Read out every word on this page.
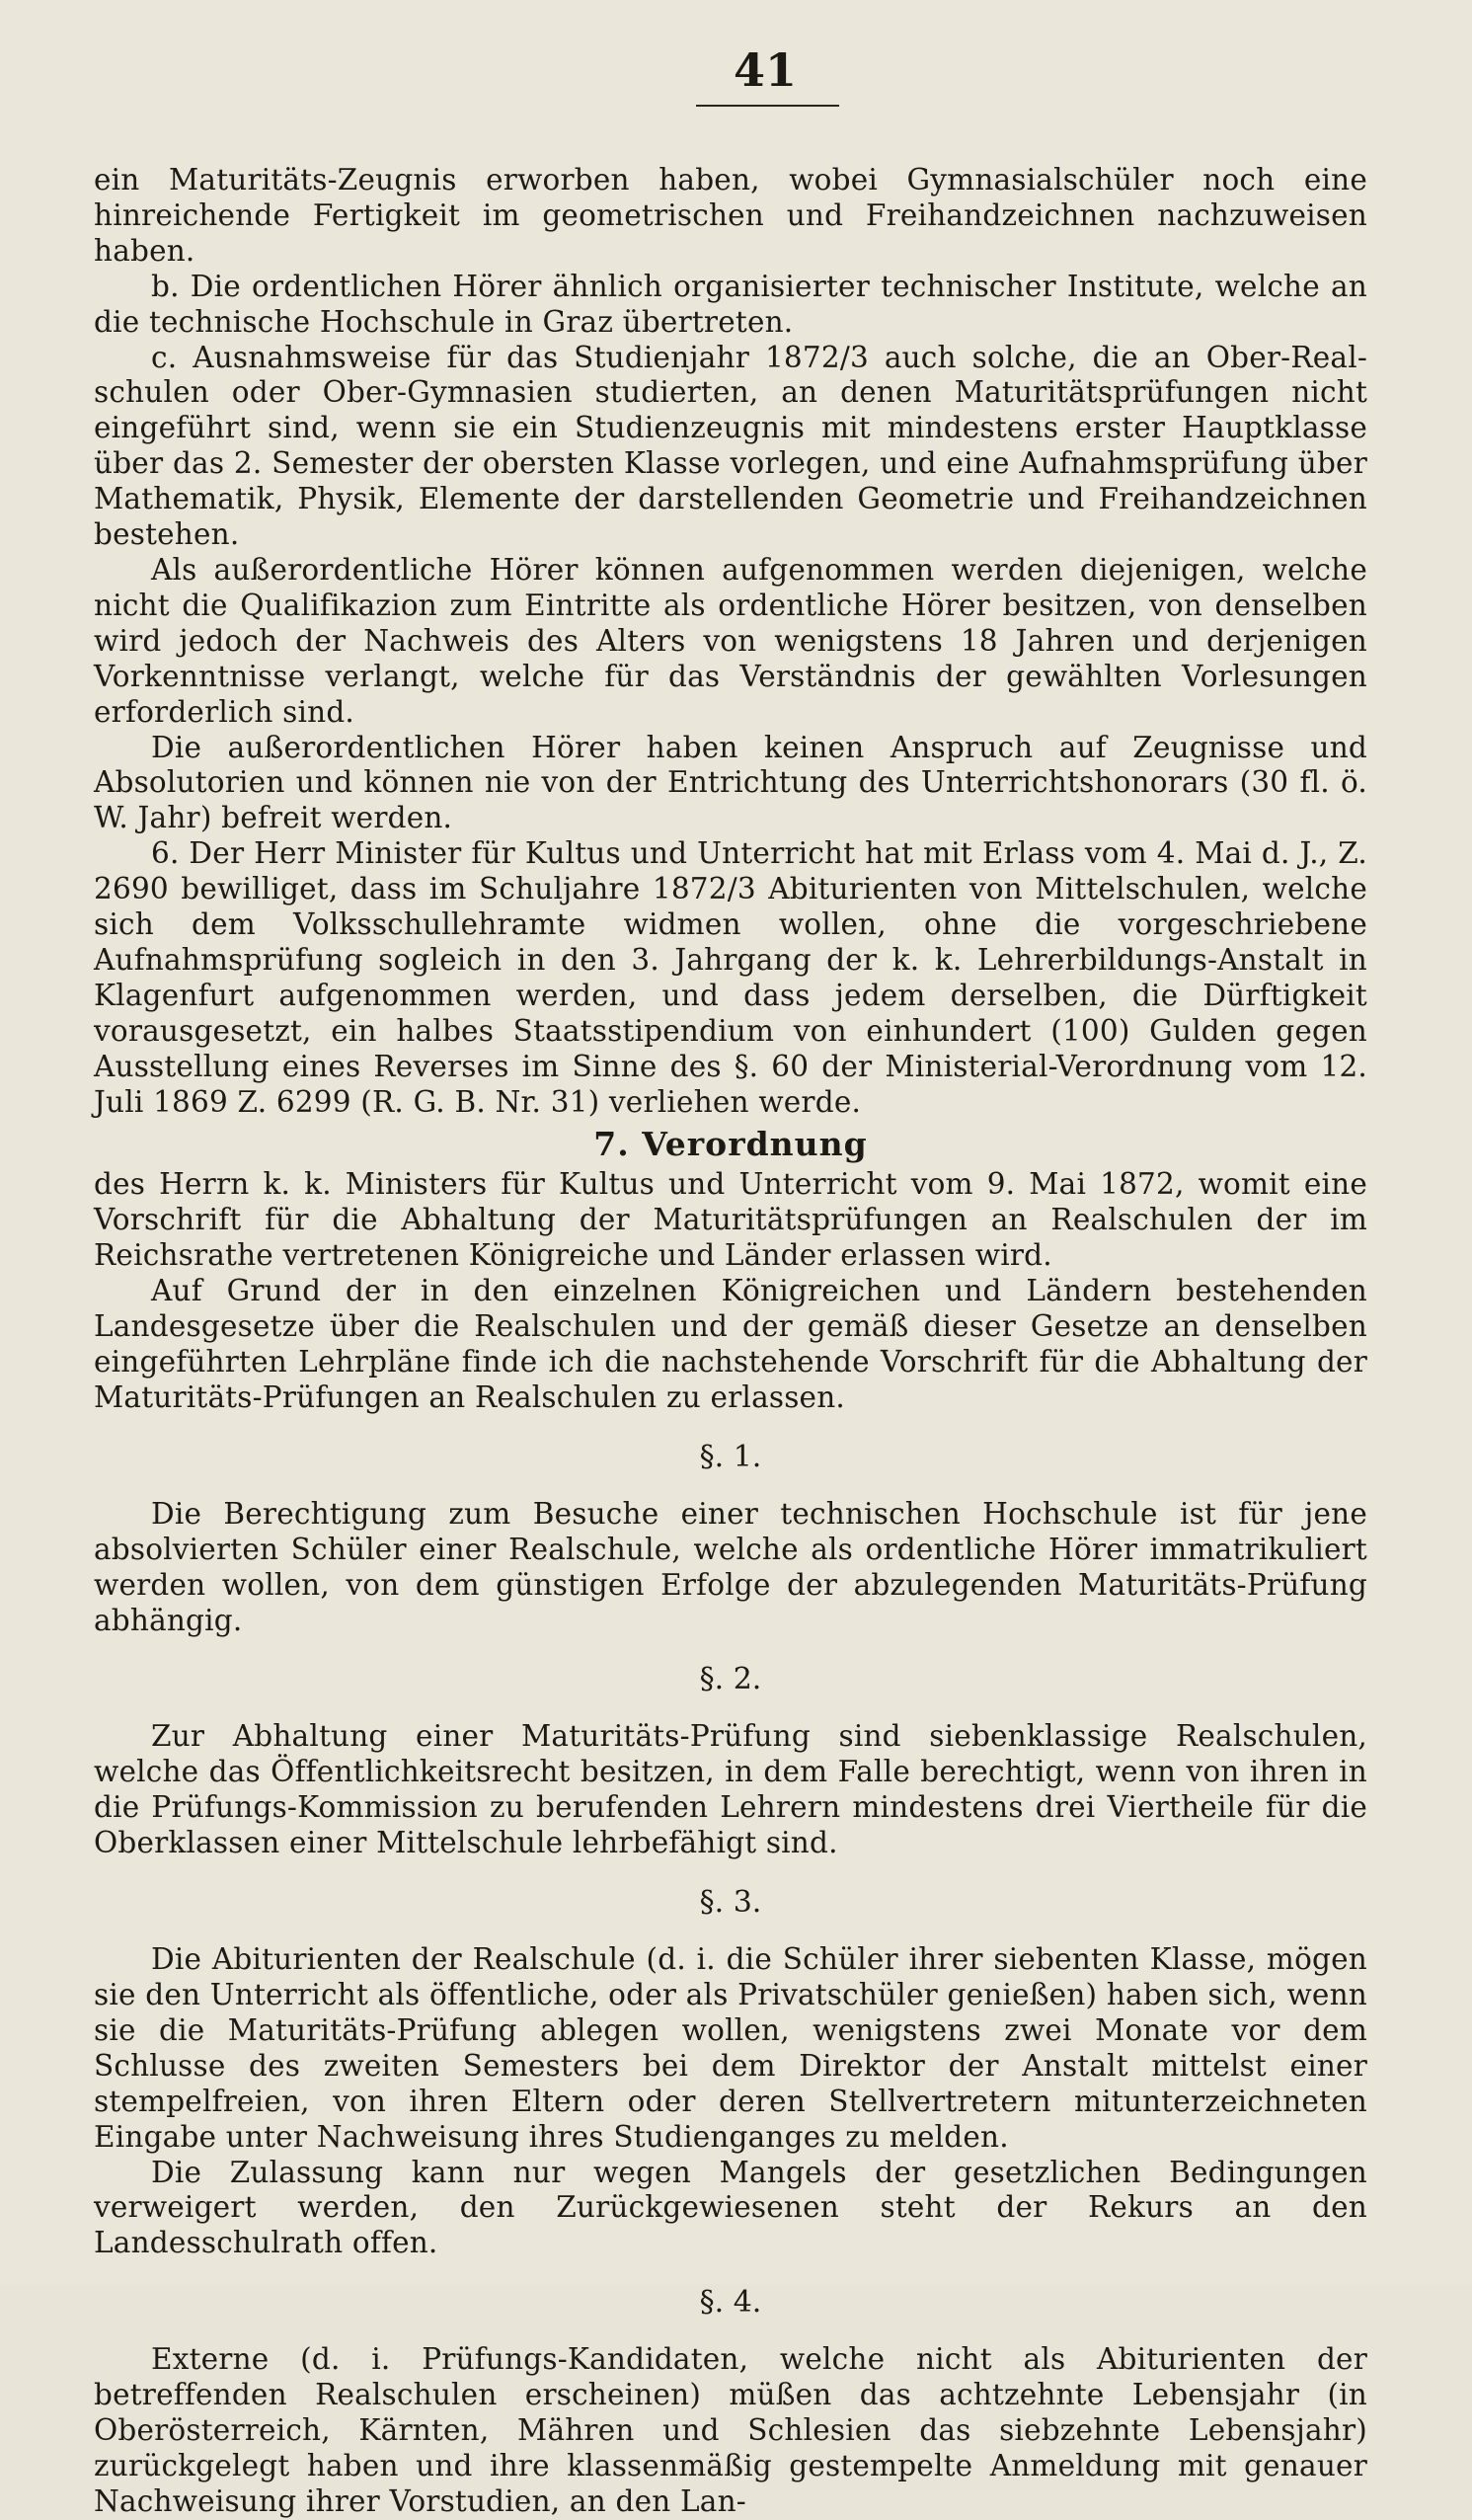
41

ein Maturitäts-Zeugnis erworben haben, wobei Gymnasialschüler noch eine hinreichende Fertigkeit im geometrischen und Freihandzeichnen nachzuweisen haben.

b. Die ordentlichen Hörer ähnlich organisierter technischer Institute, welche an die technische Hochschule in Graz übertreten.

c. Ausnahmsweise für das Studienjahr 1872/3 auch solche, die an Ober-Real-schulen oder Ober-Gymnasien studierten, an denen Maturitätsprüfungen nicht eingeführt sind, wenn sie ein Studienzeugnis mit mindestens erster Hauptklasse über das 2. Semester der obersten Klasse vorlegen, und eine Aufnahmsprüfung über Mathematik, Physik, Elemente der darstellenden Geometrie und Freihandzeichnen bestehen.

Als außerordentliche Hörer können aufgenommen werden diejenigen, welche nicht die Qualifikazion zum Eintritte als ordentliche Hörer besitzen, von denselben wird jedoch der Nachweis des Alters von wenigstens 18 Jahren und derjenigen Vorkenntnisse verlangt, welche für das Verständnis der gewählten Vorlesungen erforderlich sind.

Die außerordentlichen Hörer haben keinen Anspruch auf Zeugnisse und Absolutorien und können nie von der Entrichtung des Unterrichtshonorars (30 fl. ö. W. Jahr) befreit werden.

6. Der Herr Minister für Kultus und Unterricht hat mit Erlass vom 4. Mai d. J., Z. 2690 bewilliget, dass im Schuljahre 1872/3 Abiturienten von Mittelschulen, welche sich dem Volksschullehramte widmen wollen, ohne die vorgeschriebene Aufnahmsprüfung sogleich in den 3. Jahrgang der k. k. Lehrerbildungs-Anstalt in Klagenfurt aufgenommen werden, und dass jedem derselben, die Dürftigkeit vorausgesetzt, ein halbes Staatsstipendium von einhundert (100) Gulden gegen Ausstellung eines Reverses im Sinne des §. 60 der Ministerial-Verordnung vom 12. Juli 1869 Z. 6299 (R. G. B. Nr. 31) verliehen werde.

7. Verordnung

des Herrn k. k. Ministers für Kultus und Unterricht vom 9. Mai 1872, womit eine Vorschrift für die Abhaltung der Maturitätsprüfungen an Realschulen der im Reichsrathe vertretenen Königreiche und Länder erlassen wird.

Auf Grund der in den einzelnen Königreichen und Ländern bestehenden Landesgesetze über die Realschulen und der gemäß dieser Gesetze an denselben eingeführten Lehrpläne finde ich die nachstehende Vorschrift für die Abhaltung der Maturitäts-Prüfungen an Realschulen zu erlassen.

§. 1.

Die Berechtigung zum Besuche einer technischen Hochschule ist für jene absolvierten Schüler einer Realschule, welche als ordentliche Hörer immatrikuliert werden wollen, von dem günstigen Erfolge der abzulegenden Maturitäts-Prüfung abhängig.

§. 2.

Zur Abhaltung einer Maturitäts-Prüfung sind siebenklassige Realschulen, welche das Öffentlichkeitsrecht besitzen, in dem Falle berechtigt, wenn von ihren in die Prüfungs-Kommission zu berufenden Lehrern mindestens drei Viertheile für die Oberklassen einer Mittelschule lehrbefähigt sind.

§. 3.

Die Abiturienten der Realschule (d. i. die Schüler ihrer siebenten Klasse, mögen sie den Unterricht als öffentliche, oder als Privatschüler genießen) haben sich, wenn sie die Maturitäts-Prüfung ablegen wollen, wenigstens zwei Monate vor dem Schlusse des zweiten Semesters bei dem Direktor der Anstalt mittelst einer stempelfreien, von ihren Eltern oder deren Stellvertretern mitunterzeichneten Eingabe unter Nachweisung ihres Studienganges zu melden.

Die Zulassung kann nur wegen Mangels der gesetzlichen Bedingungen verweigert werden, den Zurückgewiesenen steht der Rekurs an den Landesschulrath offen.

§. 4.

Externe (d. i. Prüfungs-Kandidaten, welche nicht als Abiturienten der betreffenden Realschulen erscheinen) müßen das achtzehnte Lebensjahr (in Oberösterreich, Kärnten, Mähren und Schlesien das siebzehnte Lebensjahr) zurückgelegt haben und ihre klassenmäßig gestempelte Anmeldung mit genauer Nachweisung ihrer Vorstudien, an den Lan-
